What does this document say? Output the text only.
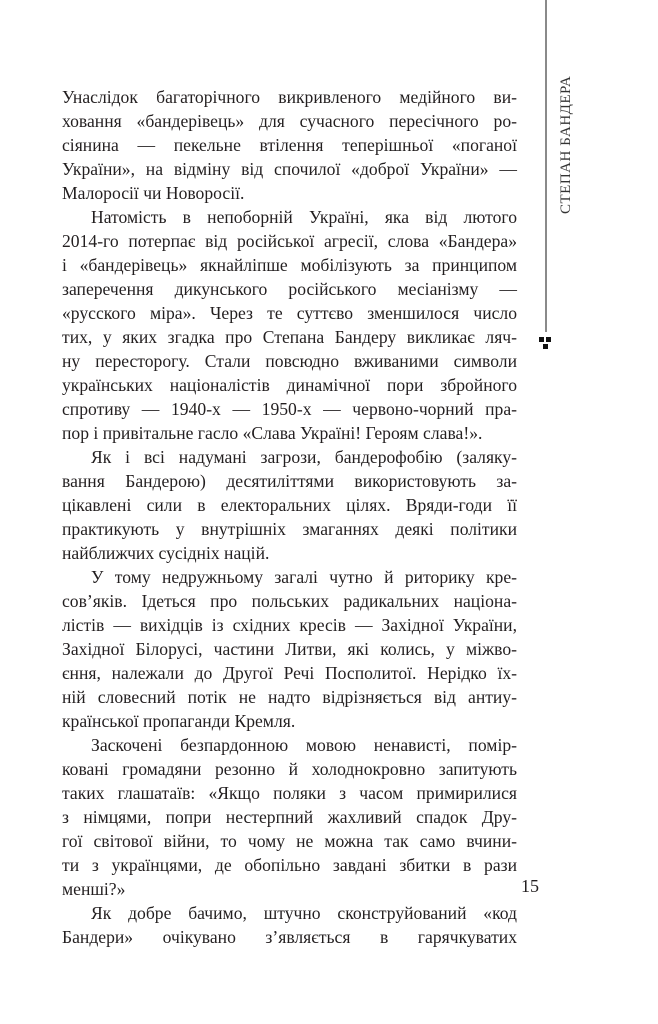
СТЕПАН БАНДЕРА
Унаслідок багаторічного викривленого медійного ви-
ховання «бандерівець» для сучасного пересічного ро-
сіянина — пекельне втілення теперішньої «поганої
України», на відміну від спочилої «доброї України» —
Малоросії чи Новоросії.
Натомість в непоборній Україні, яка від лютого
2014-го потерпає від російської агресії, слова «Бандера»
і «бандерівець» якнайліпше мобілізують за принципом
заперечення дикунського російського месіанізму —
«русского міра». Через те суттєво зменшилося число
тих, у яких згадка про Степана Бандеру викликає ляч-
ну пересторогу. Стали повсюдно вживаними символи
українських націоналістів динамічної пори збройного
спротиву — 1940-х — 1950-х — червоно-чорний пра-
пор і привітальне гасло «Слава Україні! Героям слава!».
Як і всі надумані загрози, бандерофобію (заляку-
вання Бандерою) десятиліттями використовують за-
цікавлені сили в електоральних цілях. Вряди-годи її
практикують у внутрішніх змаганнях деякі політики
найближчих сусідніх націй.
У тому недружньому загалі чутно й риторику кре-
сов’яків. Ідеться про польських радикальних націона-
лістів — вихідців із східних кресів — Західної України,
Західної Білорусі, частини Литви, які колись, у міжво-
єння, належали до Другої Речі Посполитої. Нерідко їх-
ній словесний потік не надто відрізняється від антиу-
країнської пропаганди Кремля.
Заскочені безпардонною мовою ненависті, помір-
ковані громадяни резонно й холоднокровно запитують
таких глашатаїв: «Якщо поляки з часом примирилися
з німцями, попри нестерпний жахливий спадок Дру-
гої світової війни, то чому не можна так само вчини-
ти з українцями, де обопільно завдані збитки в рази
менші?»
Як добре бачимо, штучно сконструйований «код
Бандери» очікувано з’являється в гарячкуватих
15
